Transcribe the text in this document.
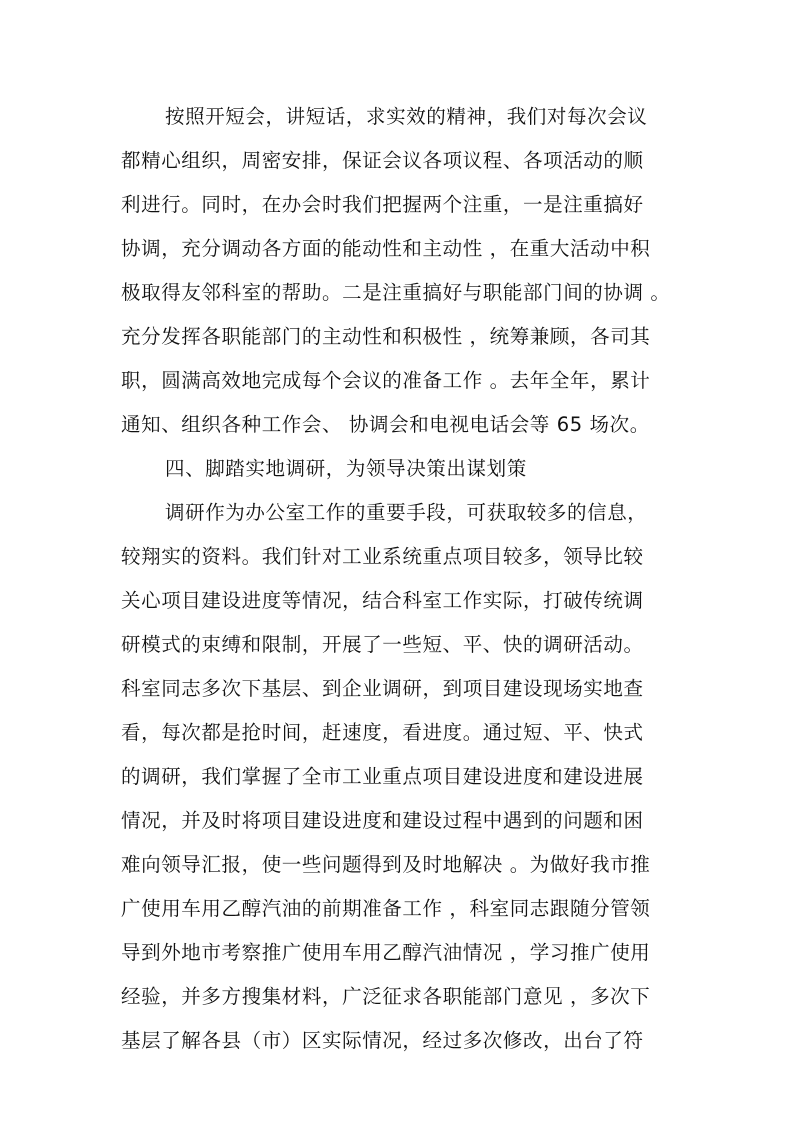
按照开短会，讲短话，求实效的精神，我们对每次会议
都精心组织，周密安排，保证会议各项议程、各项活动的顺
利进行。同时，在办会时我们把握两个注重，一是注重搞好
协调，充分调动各方面的能动性和主动性 ，在重大活动中积
极取得友邻科室的帮助。二是注重搞好与职能部门间的协调 。
充分发挥各职能部门的主动性和积极性 ，统筹兼顾，各司其
职，圆满高效地完成每个会议的准备工作 。去年全年，累计
通知、组织各种工作会、 协调会和电视电话会等 65 场次。
四、脚踏实地调研，为领导决策出谋划策
调研作为办公室工作的重要手段，可获取较多的信息，
较翔实的资料。我们针对工业系统重点项目较多，领导比较
关心项目建设进度等情况，结合科室工作实际，打破传统调
研模式的束缚和限制，开展了一些短、平、快的调研活动。
科室同志多次下基层、到企业调研，到项目建设现场实地查
看，每次都是抢时间，赶速度，看进度。通过短、平、快式
的调研，我们掌握了全市工业重点项目建设进度和建设进展
情况，并及时将项目建设进度和建设过程中遇到的问题和困
难向领导汇报，使一些问题得到及时地解决 。为做好我市推
广使用车用乙醇汽油的前期准备工作 ，科室同志跟随分管领
导到外地市考察推广使用车用乙醇汽油情况 ，学习推广使用
经验，并多方搜集材料，广泛征求各职能部门意见 ，多次下
基层了解各县（市）区实际情况，经过多次修改，出台了符
